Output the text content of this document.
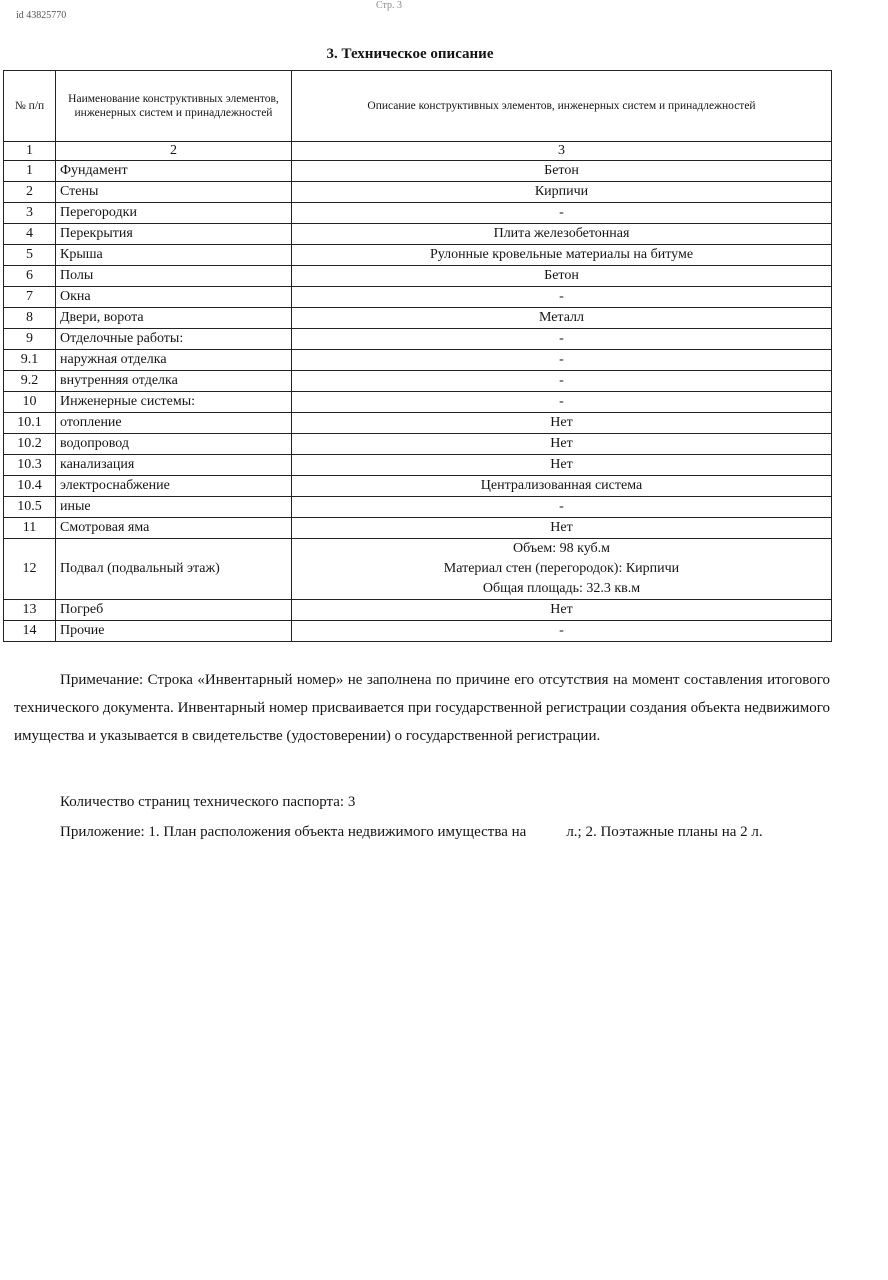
id 43825770
Стр. 3
3. Техническое описание
№ п/п	Наименование конструктивных элементов, инженерных систем и принадлежностей	Описание конструктивных элементов, инженерных систем и принадлежностей
1	2	3
1	Фундамент	Бетон
2	Стены	Кирпичи
3	Перегородки	-
4	Перекрытия	Плита железобетонная
5	Крыша	Рулонные кровельные материалы на битуме
6	Полы	Бетон
7	Окна	-
8	Двери, ворота	Металл
9	Отделочные работы:	-
9.1	наружная отделка	-
9.2	внутренняя отделка	-
10	Инженерные системы:	-
10.1	отопление	Нет
10.2	водопровод	Нет
10.3	канализация	Нет
10.4	электроснабжение	Централизованная система
10.5	иные	-
11	Смотровая яма	Нет
12	Подвал (подвальный этаж)	Объем: 98 куб.м
Материал стен (перегородок): Кирпичи
Общая площадь: 32.3 кв.м

13	Погреб	Нет
14	Прочие	-

Примечание: Строка «Инвентарный номер» не заполнена по причине его отсутствия на момент составления итогового технического документа. Инвентарный номер присваивается при государственной регистрации создания объекта недвижимого имущества и указывается в свидетельстве (удостоверении) о государственной регистрации.

Количество страниц технического паспорта: 3
Приложение: 1. План расположения объекта недвижимого имущества на	л.; 2. Поэтажные планы на 2 л.
